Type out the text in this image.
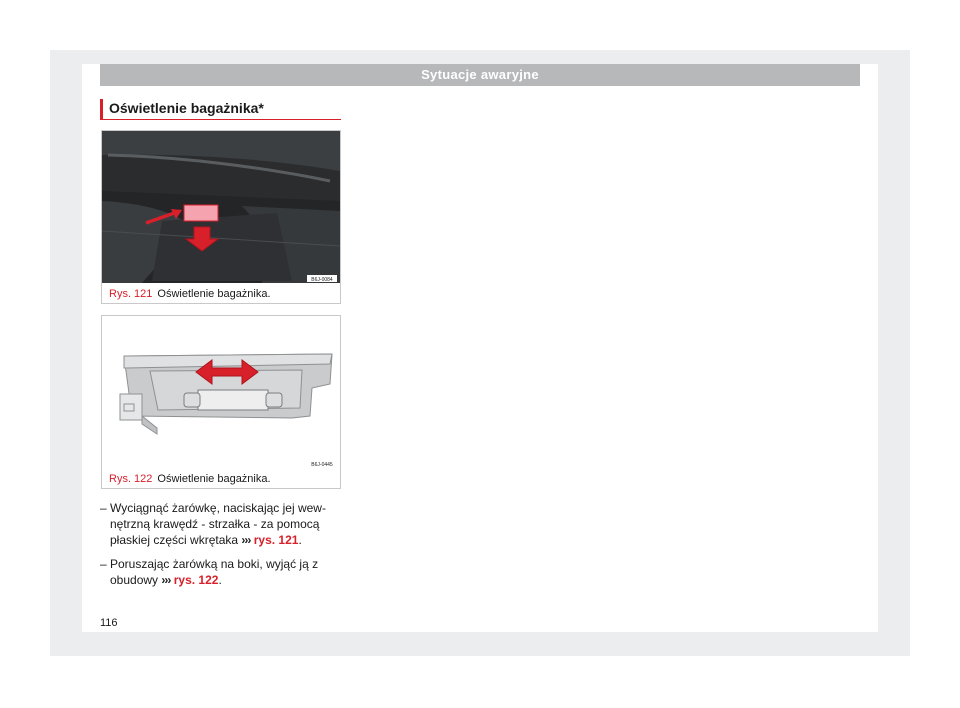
Sytuacje awaryjne
Oświetlenie bagażnika*
B6J-0084
Rys. 121 Oświetlenie bagażnika.
B6J-0445
Rys. 122 Oświetlenie bagażnika.
– Wyciągnąć żarówkę, naciskając jej wew-nętrzną krawędź - strzałka - za pomocą płaskiej części wkrętaka ››› rys. 121.
– Poruszając żarówką na boki, wyjąć ją z obudowy ››› rys. 122.
116
